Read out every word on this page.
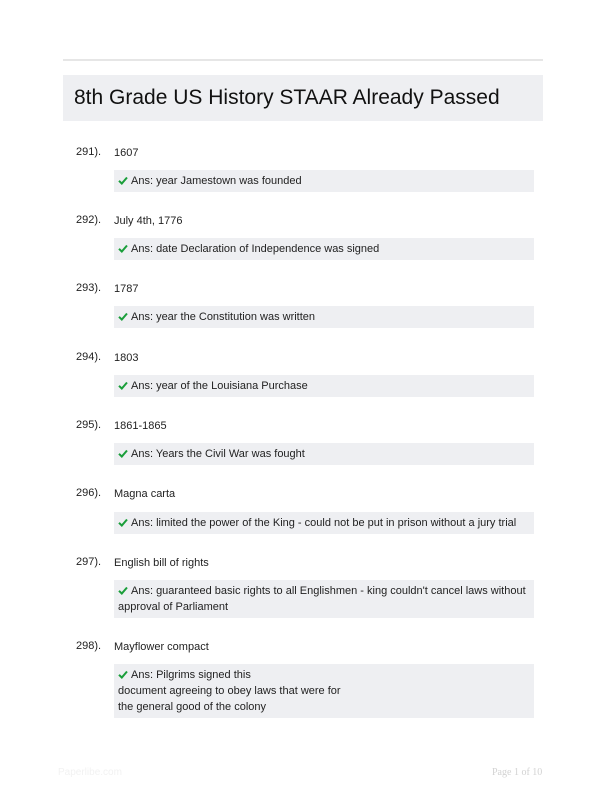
8th Grade US History STAAR Already Passed
291). 1607
Ans: year Jamestown was founded
292). July 4th, 1776
Ans: date Declaration of Independence was signed
293). 1787
Ans: year the Constitution was written
294). 1803
Ans: year of the Louisiana Purchase
295). 1861-1865
Ans: Years the Civil War was fought
296). Magna carta
Ans: limited the power of the King - could not be put in prison without a jury trial
297). English bill of rights
Ans: guaranteed basic rights to all Englishmen - king couldn't cancel laws without
approval of Parliament
298). Mayflower compact
Ans: Pilgrims signed this
document agreeing to obey laws that were for
the general good of the colony
Paperlibe.com	Page 1 of 10
